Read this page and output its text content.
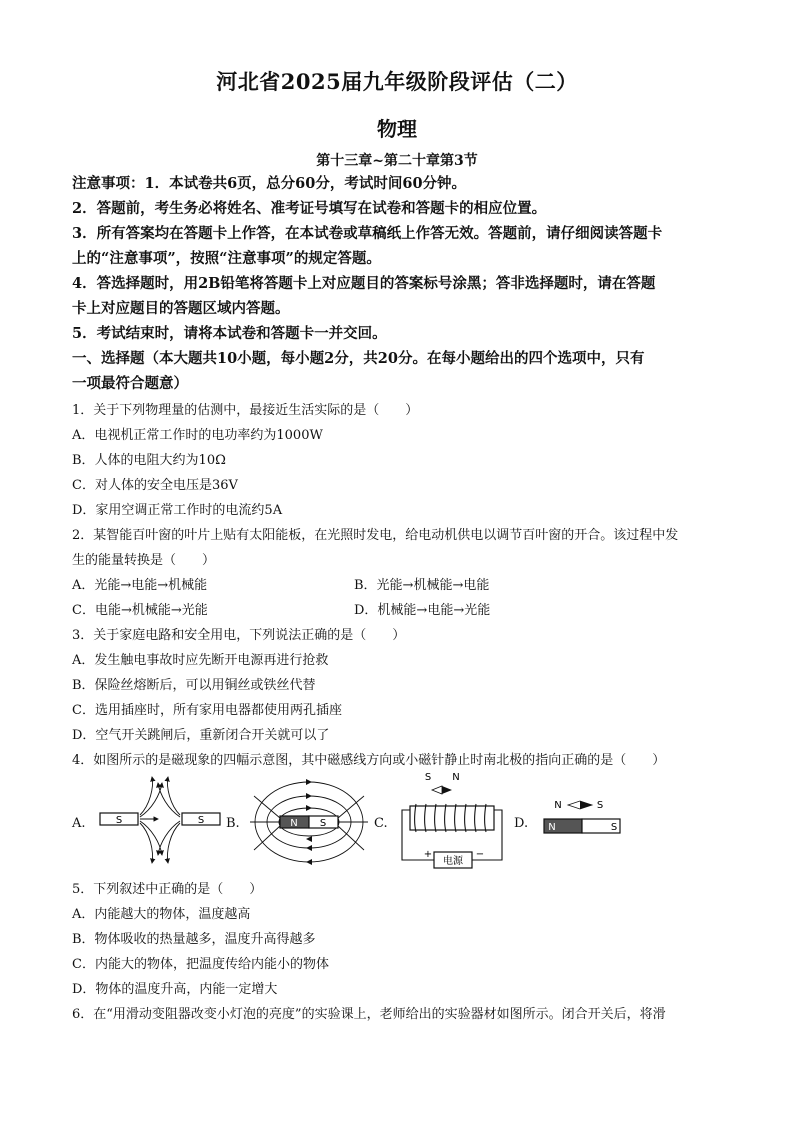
河北省2025届九年级阶段评估（二）
物理
第十三章~第二十章第3节
注意事项：1．本试卷共6页，总分60分，考试时间60分钟。
2．答题前，考生务必将姓名、准考证号填写在试卷和答题卡的相应位置。
3．所有答案均在答题卡上作答，在本试卷或草稿纸上作答无效。答题前，请仔细阅读答题卡
上的“注意事项”，按照“注意事项”的规定答题。
4．答选择题时，用2B铅笔将答题卡上对应题目的答案标号涂黑；答非选择题时，请在答题
卡上对应题目的答题区域内答题。
5．考试结束时，请将本试卷和答题卡一并交回。
一、选择题（本大题共10小题，每小题2分，共20分。在每小题给出的四个选项中，只有
一项最符合题意）
1．关于下列物理量的估测中，最接近生活实际的是（　　）
A．电视机正常工作时的电功率约为1000W
B．人体的电阻大约为10Ω
C．对人体的安全电压是36V
D．家用空调正常工作时的电流约5A
2．某智能百叶窗的叶片上贴有太阳能板，在光照时发电，给电动机供电以调节百叶窗的开合。该过程中发
生的能量转换是（　　）
A．光能→电能→机械能	B．光能→机械能→电能
C．电能→机械能→光能	D．机械能→电能→光能
3．关于家庭电路和安全用电，下列说法正确的是（　　）
A．发生触电事故时应先断开电源再进行抢救
B．保险丝熔断后，可以用铜丝或铁丝代替
C．选用插座时，所有家用电器都使用两孔插座
D．空气开关跳闸后，重新闭合开关就可以了
4．如图所示的是磁现象的四幅示意图，其中磁感线方向或小磁针静止时南北极的指向正确的是（　　）
A.	B.	C.	D.
S	S	N S
S N
电源
+	−
N	S
N	S
5．下列叙述中正确的是（　　）
A．内能越大的物体，温度越高
B．物体吸收的热量越多，温度升高得越多
C．内能大的物体，把温度传给内能小的物体
D．物体的温度升高，内能一定增大
6．在“用滑动变阻器改变小灯泡的亮度”的实验课上，老师给出的实验器材如图所示。闭合开关后，将滑
